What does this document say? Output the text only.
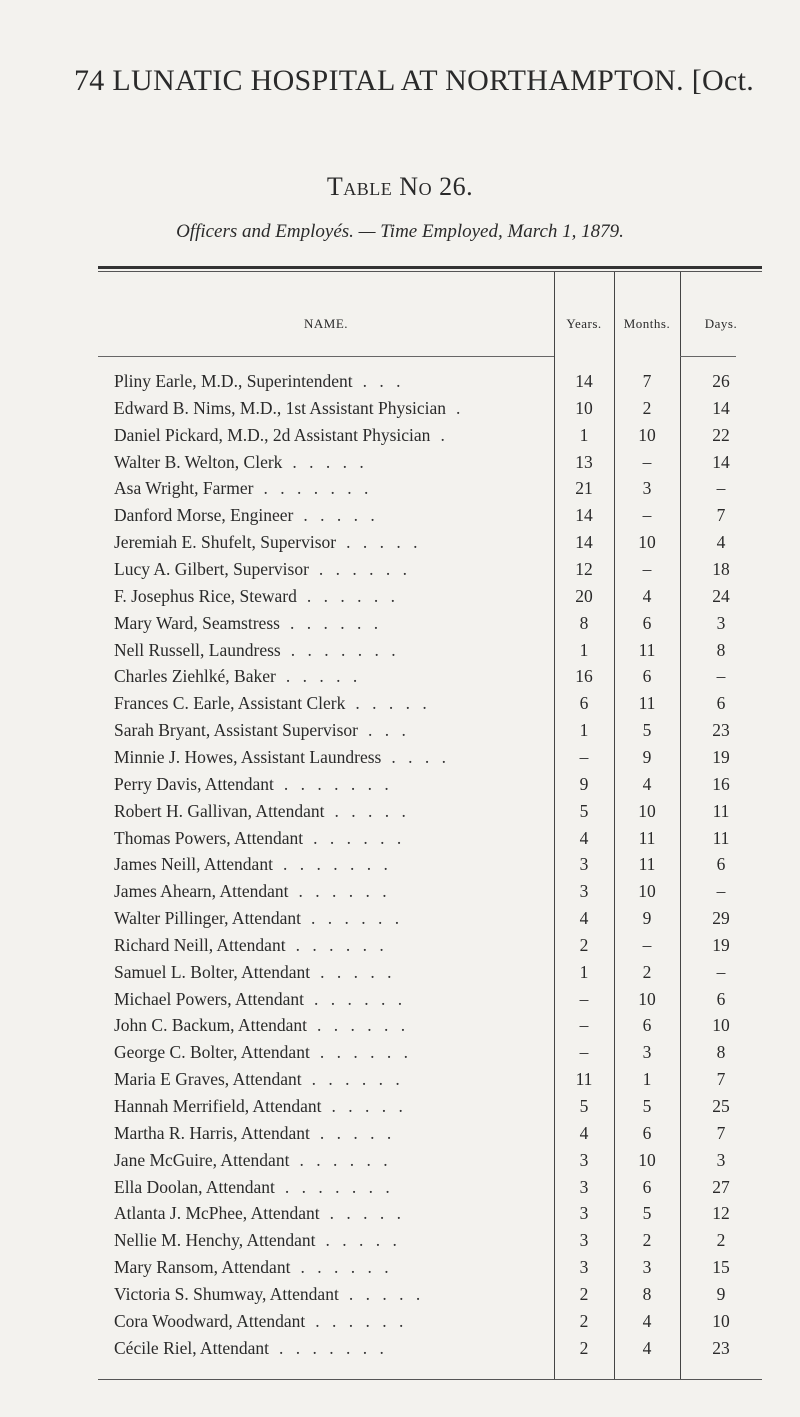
74 LUNATIC HOSPITAL AT NORTHAMPTON. [Oct.
Table No 26.
Officers and Employés. — Time Employed, March 1, 1879.
NAME.	Years.	Months.	Days.
Pliny Earle, M.D., Superintendent . . .	14	7	26
Edward B. Nims, M.D., 1st Assistant Physician .	10	2	14
Daniel Pickard, M.D., 2d Assistant Physician .	1	10	22
Walter B. Welton, Clerk . . . . .	13	–	14
Asa Wright, Farmer . . . . . . .	21	3	–
Danford Morse, Engineer . . . . .	14	–	7
Jeremiah E. Shufelt, Supervisor . . . . .	14	10	4
Lucy A. Gilbert, Supervisor . . . . . .	12	–	18
F. Josephus Rice, Steward . . . . . .	20	4	24
Mary Ward, Seamstress . . . . . .	8	6	3
Nell Russell, Laundress . . . . . . .	1	11	8
Charles Ziehlké, Baker . . . . .	16	6	–
Frances C. Earle, Assistant Clerk . . . . .	6	11	6
Sarah Bryant, Assistant Supervisor . . .	1	5	23
Minnie J. Howes, Assistant Laundress . . . .	–	9	19
Perry Davis, Attendant . . . . . . .	9	4	16
Robert H. Gallivan, Attendant . . . . .	5	10	11
Thomas Powers, Attendant . . . . . .	4	11	11
James Neill, Attendant . . . . . . .	3	11	6
James Ahearn, Attendant . . . . . .	3	10	–
Walter Pillinger, Attendant . . . . . .	4	9	29
Richard Neill, Attendant . . . . . .	2	–	19
Samuel L. Bolter, Attendant . . . . .	1	2	–
Michael Powers, Attendant . . . . . .	–	10	6
John C. Backum, Attendant . . . . . .	–	6	10
George C. Bolter, Attendant . . . . . .	–	3	8
Maria E Graves, Attendant . . . . . .	11	1	7
Hannah Merrifield, Attendant . . . . .	5	5	25
Martha R. Harris, Attendant . . . . .	4	6	7
Jane McGuire, Attendant . . . . . .	3	10	3
Ella Doolan, Attendant . . . . . . .	3	6	27
Atlanta J. McPhee, Attendant . . . . .	3	5	12
Nellie M. Henchy, Attendant . . . . .	3	2	2
Mary Ransom, Attendant . . . . . .	3	3	15
Victoria S. Shumway, Attendant . . . . .	2	8	9
Cora Woodward, Attendant . . . . . .	2	4	10
Cécile Riel, Attendant . . . . . . .	2	4	23
